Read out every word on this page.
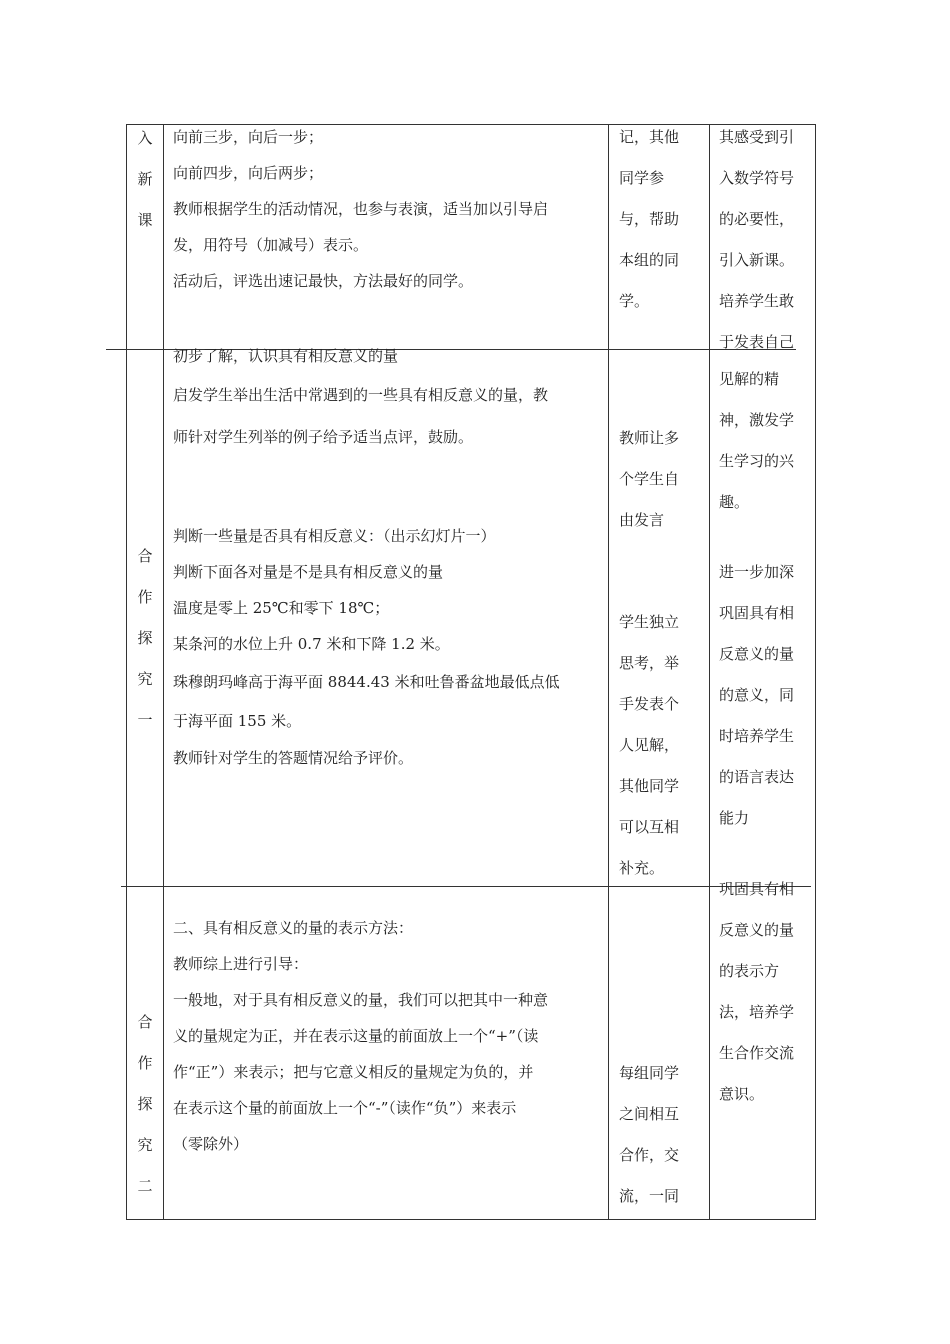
入
新
课

向前三步，向后一步；

向前四步，向后两步；

教师根据学生的活动情况，也参与表演，适当加以引导启

发，用符号（加减号）表示。

活动后，评选出速记最快，方法最好的同学。

记，其他

同学参

与，帮助

本组的同

学。

其感受到引

入数学符号

的必要性，

引入新课。

培养学生敢

于发表自己

合
作
探
究
一

初步了解，认识具有相反意义的量

启发学生举出生活中常遇到的一些具有相反意义的量，教

师针对学生列举的例子给予适当点评，鼓励。

判断一些量是否具有相反意义：（出示幻灯片一）

判断下面各对量是不是具有相反意义的量

温度是零上 25℃和零下 18℃；

某条河的水位上升 0.7 米和下降 1.2 米。

珠穆朗玛峰高于海平面 8844.43 米和吐鲁番盆地最低点低

于海平面 155 米。

教师针对学生的答题情况给予评价。

教师让多

个学生自

由发言

学生独立

思考，举

手发表个

人见解，

其他同学

可以互相

补充。

见解的精

神，激发学

生学习的兴

趣。

进一步加深

巩固具有相

反意义的量

的意义，同

时培养学生

的语言表达

能力

合
作
探
究
二

二、具有相反意义的量的表示方法：

教师综上进行引导：

一般地，对于具有相反意义的量，我们可以把其中一种意

义的量规定为正，并在表示这量的前面放上一个“+”（读

作“正”）来表示；把与它意义相反的量规定为负的，并

在表示这个量的前面放上一个“-”（读作“负”）来表示

（零除外）

每组同学

之间相互

合作，交

流，一同

巩固具有相

反意义的量

的表示方

法，培养学

生合作交流

意识。
